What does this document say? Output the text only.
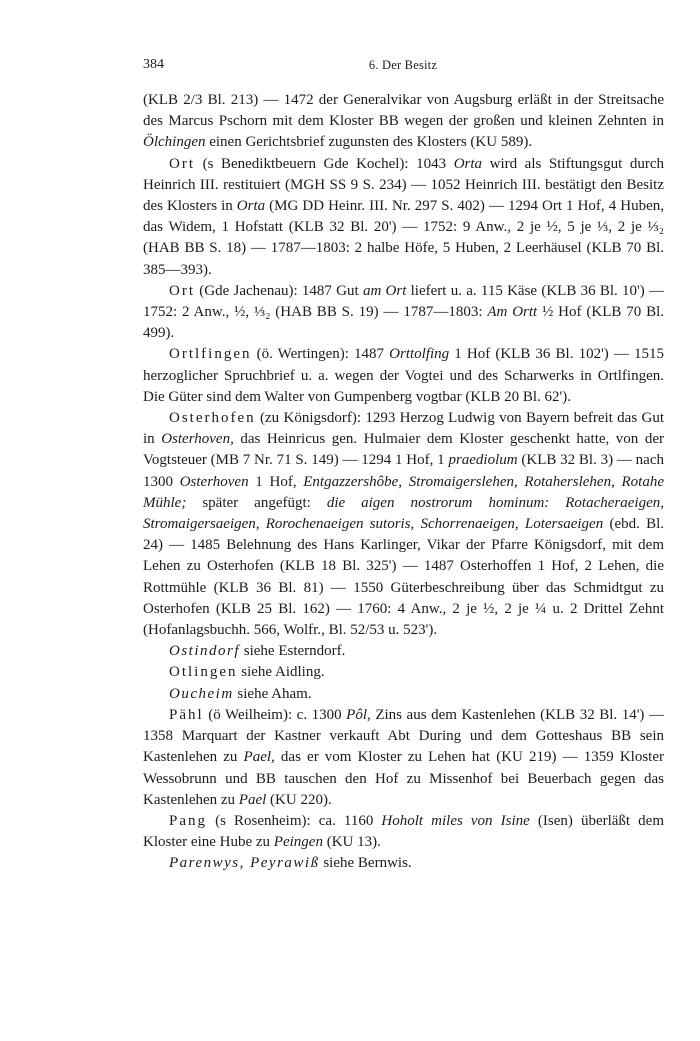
384	6. Der Besitz

(KLB 2/3 Bl. 213) — 1472 der Generalvikar von Augsburg erläßt in der Streitsache des Marcus Pschorn mit dem Kloster BB wegen der großen und kleinen Zehnten in Ölchingen einen Gerichtsbrief zugunsten des Klosters (KU 589).

Ort (s Benediktbeuern Gde Kochel): 1043 Orta wird als Stiftungsgut durch Heinrich III. restituiert (MGH SS 9 S. 234) — 1052 Heinrich III. bestätigt den Besitz des Klosters in Orta (MG DD Heinr. III. Nr. 297 S. 402) — 1294 Ort 1 Hof, 4 Huben, das Widem, 1 Hofstatt (KLB 32 Bl. 20') — 1752: 9 Anw., 2 je ½, 5 je ⅓, 2 je ⅓₂ (HAB BB S. 18) — 1787—1803: 2 halbe Höfe, 5 Huben, 2 Leerhäusel (KLB 70 Bl. 385—393).

Ort (Gde Jachenau): 1487 Gut am Ort liefert u. a. 115 Käse (KLB 36 Bl. 10') — 1752: 2 Anw., ½, ⅓₂ (HAB BB S. 19) — 1787—1803: Am Ortt ½ Hof (KLB 70 Bl. 499).

Ortlfingen (ö. Wertingen): 1487 Orttolfing 1 Hof (KLB 36 Bl. 102') — 1515 herzoglicher Spruchbrief u. a. wegen der Vogtei und des Scharwerks in Ortlfingen. Die Güter sind dem Walter von Gumpenberg vogtbar (KLB 20 Bl. 62').

Osterhofen (zu Königsdorf): 1293 Herzog Ludwig von Bayern befreit das Gut in Osterhoven, das Heinricus gen. Hulmaier dem Kloster geschenkt hatte, von der Vogtsteuer (MB 7 Nr. 71 S. 149) — 1294 1 Hof, 1 praediolum (KLB 32 Bl. 3) — nach 1300 Osterhoven 1 Hof, Entgazzershôbe, Stromaigerslehen, Rotaherslehen, Rotahe Mühle; später angefügt: die aigen nostrorum hominum: Rotacheraeigen, Stromaigersaeigen, Rorochenaeigen sutoris, Schorrenaeigen, Lotersaeigen (ebd. Bl. 24) — 1485 Belehnung des Hans Karlinger, Vikar der Pfarre Königsdorf, mit dem Lehen zu Osterhofen (KLB 18 Bl. 325') — 1487 Osterhoffen 1 Hof, 2 Lehen, die Rottmühle (KLB 36 Bl. 81) — 1550 Güterbeschreibung über das Schmidtgut zu Osterhofen (KLB 25 Bl. 162) — 1760: 4 Anw., 2 je ½, 2 je ¼ u. 2 Drittel Zehnt (Hofanlagsbuchh. 566, Wolfr., Bl. 52/53 u. 523').

Ostindorf siehe Esterndorf.

Otlingen siehe Aidling.

Oucheim siehe Aham.

Pähl (ö Weilheim): c. 1300 Pôl, Zins aus dem Kastenlehen (KLB 32 Bl. 14') — 1358 Marquart der Kastner verkauft Abt During und dem Gotteshaus BB sein Kastenlehen zu Pael, das er vom Kloster zu Lehen hat (KU 219) — 1359 Kloster Wessobrunn und BB tauschen den Hof zu Missenhof bei Beuerbach gegen das Kastenlehen zu Pael (KU 220).

Pang (s Rosenheim): ca. 1160 Hoholt miles von Isine (Isen) überläßt dem Kloster eine Hube zu Peingen (KU 13).

Parenwys, Peyrawiß siehe Bernwis.
